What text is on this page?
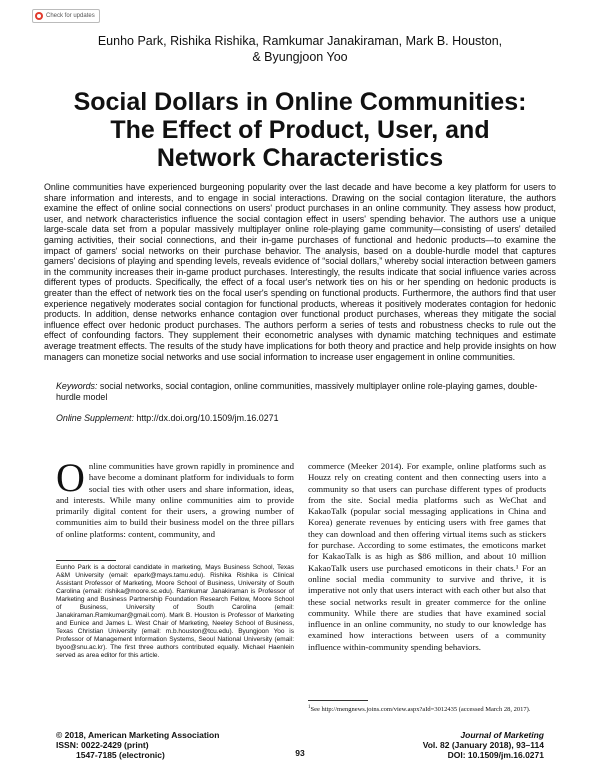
Check for updates
Eunho Park, Rishika Rishika, Ramkumar Janakiraman, Mark B. Houston,
& Byungjoon Yoo
Social Dollars in Online Communities:
The Effect of Product, User, and
Network Characteristics

Online communities have experienced burgeoning popularity over the last decade and have become a key platform for users to share information and interests, and to engage in social interactions. Drawing on the social contagion literature, the authors examine the effect of online social connections on users' product purchases in an online community. They assess how product, user, and network characteristics influence the social contagion effect in users' spending behavior. The authors use a unique large-scale data set from a popular massively multiplayer online role-playing game community—consisting of users' detailed gaming activities, their social connections, and their in-game purchases of functional and hedonic products—to examine the impact of gamers' social networks on their purchase behavior. The analysis, based on a double-hurdle model that captures gamers' decisions of playing and spending levels, reveals evidence of “social dollars,” whereby social interaction between gamers in the community increases their in-game product purchases. Interestingly, the results indicate that social influence varies across different types of products. Specifically, the effect of a focal user's network ties on his or her spending on hedonic products is greater than the effect of network ties on the focal user's spending on functional products. Furthermore, the authors find that user experience negatively moderates social contagion for functional products, whereas it positively moderates contagion for hedonic products. In addition, dense networks enhance contagion over functional product purchases, whereas they mitigate the social influence effect over hedonic product purchases. The authors perform a series of tests and robustness checks to rule out the effect of confounding factors. They supplement their econometric analyses with dynamic matching techniques and estimate average treatment effects. The results of the study have implications for both theory and practice and help provide insights on how managers can monetize social networks and use social information to increase user engagement in online communities.

Keywords: social networks, social contagion, online communities, massively multiplayer online role-playing games, double-hurdle model

Online Supplement: http://dx.doi.org/10.1509/jm.16.0271

Online communities have grown rapidly in prominence and have become a dominant platform for individuals to form social ties with other users and share information, ideas, and interests. While many online communities aim to provide primarily digital content for their users, a growing number of communities aim to build their business model on the three pillars of online platforms: content, community, and

Eunho Park is a doctoral candidate in marketing, Mays Business School, Texas A&M University (email: epark@mays.tamu.edu). Rishika Rishika is Clinical Assistant Professor of Marketing, Moore School of Business, University of South Carolina (email: rishika@moore.sc.edu). Ramkumar Janakiraman is Professor of Marketing and Business Partnership Foundation Research Fellow, Moore School of Business, University of South Carolina (email: Janakiraman.Ramkumar@gmail.com). Mark B. Houston is Professor of Marketing and Eunice and James L. West Chair of Marketing, Neeley School of Business, Texas Christian University (email: m.b.houston@tcu.edu). Byungjoon Yoo is Professor of Management Information Systems, Seoul National University (email: byoo@snu.ac.kr). The first three authors contributed equally. Michael Haenlein served as area editor for this article.

commerce (Meeker 2014). For example, online platforms such as Houzz rely on creating content and then connecting users into a community so that users can purchase different types of products from the site. Social media platforms such as WeChat and KakaoTalk (popular social messaging applications in China and Korea) generate revenues by enticing users with free games that they can download and then offering virtual items such as stickers for purchase. According to some estimates, the emoticons market for KakaoTalk is as high as $86 million, and about 10 million KakaoTalk users use purchased emoticons in their chats.¹ For an online social media community to survive and thrive, it is imperative not only that users interact with each other but also that these social networks result in greater commerce for the online community. While there are studies that have examined social influence in an online community, no study to our knowledge has examined how interactions between users of a community influence within-community spending behaviors.

$^1$See http://mengnews.joins.com/view.aspx?aId=3012435 (accessed March 28, 2017).

© 2018, American Marketing Association
ISSN: 0022-2429 (print)
1547-7185 (electronic)	93
Journal of Marketing
Vol. 82 (January 2018), 93–114
DOI: 10.1509/jm.16.0271
